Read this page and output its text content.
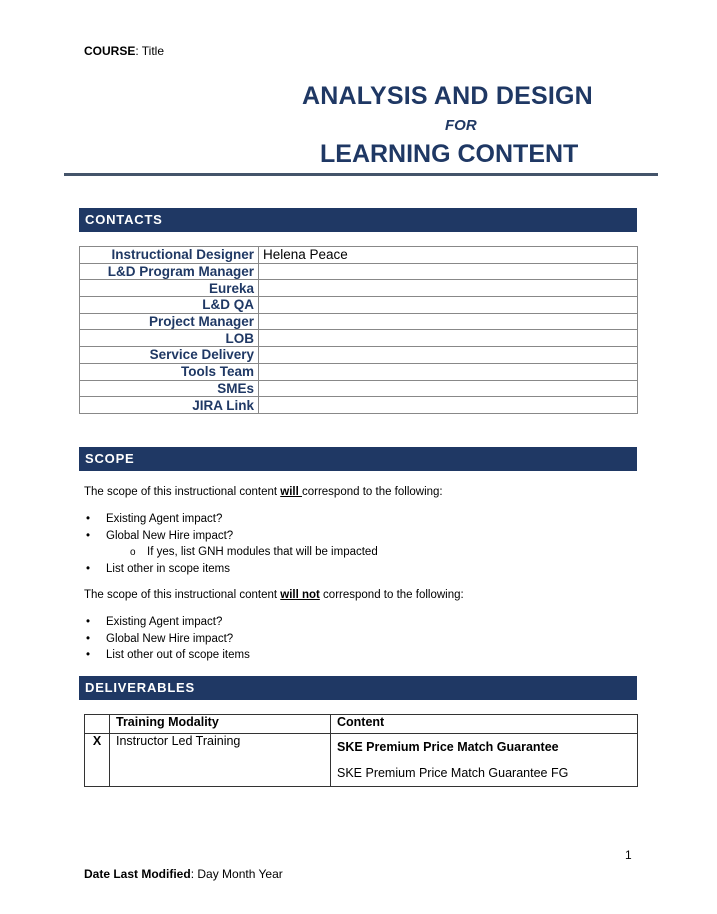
COURSE: Title
ANALYSIS AND DESIGN
FOR
LEARNING CONTENT
CONTACTS
Instructional Designer	Helena Peace
L&D Program Manager	
Eureka	
L&D QA	
Project Manager	
LOB	
Service Delivery	
Tools Team	
SMEs	
JIRA Link	
SCOPE
The scope of this instructional content will correspond to the following:
• Existing Agent impact?
• Global New Hire impact?
o If yes, list GNH modules that will be impacted
• List other in scope items
The scope of this instructional content will not correspond to the following:
• Existing Agent impact?
• Global New Hire impact?
• List other out of scope items
DELIVERABLES
	Training Modality	Content
X	Instructor Led Training	SKE Premium Price Match Guarantee
SKE Premium Price Match Guarantee FG
1
Date Last Modified: Day Month Year
